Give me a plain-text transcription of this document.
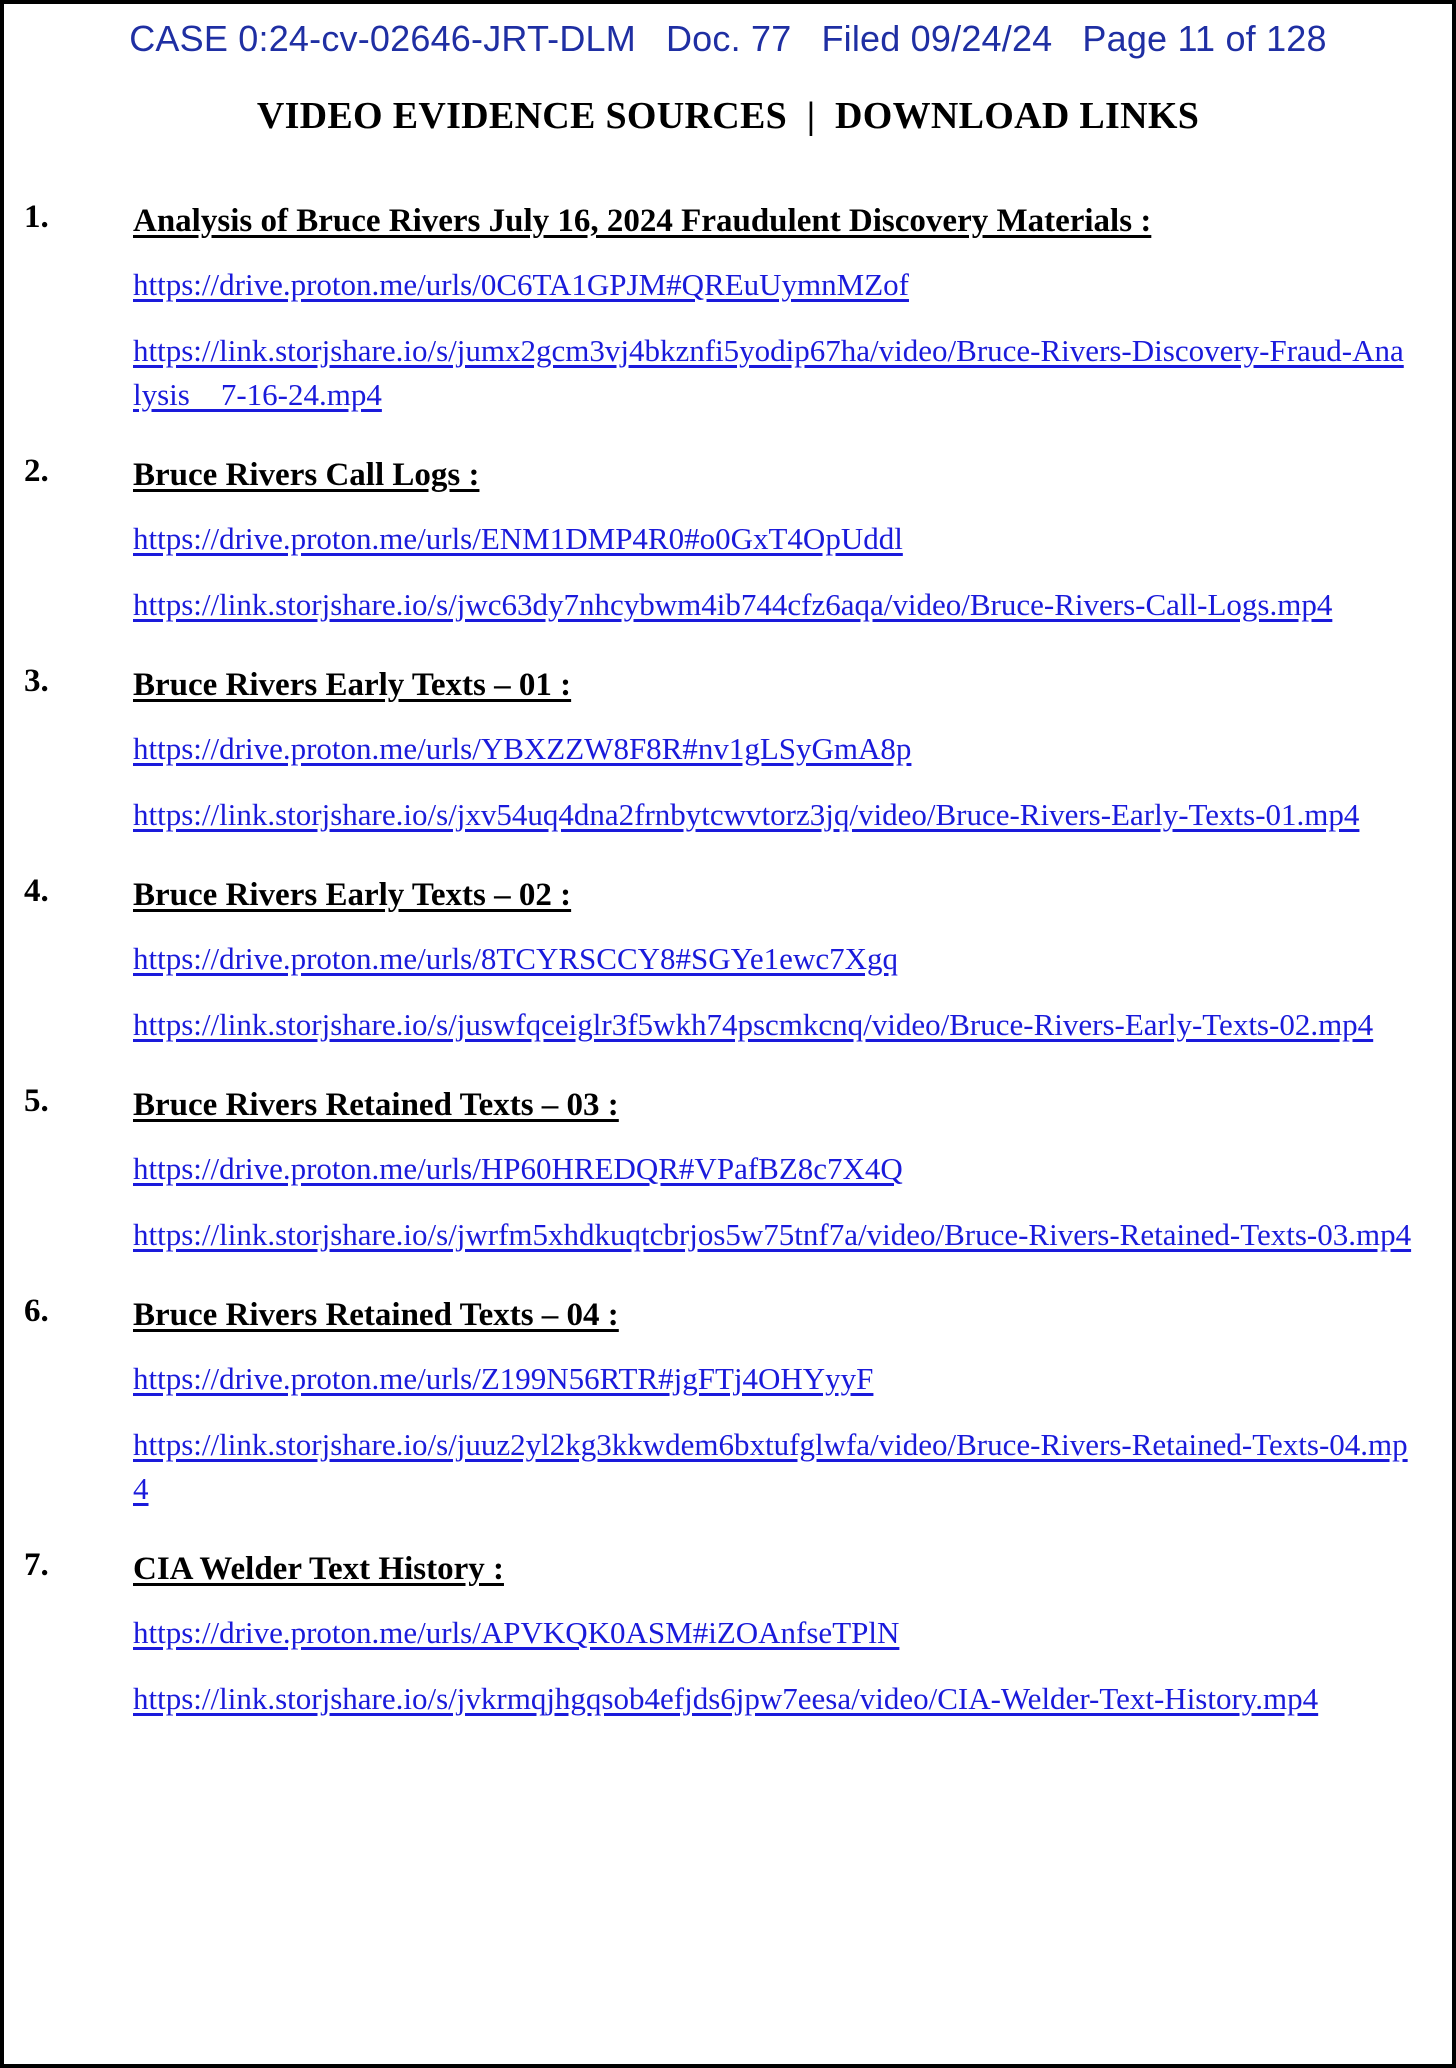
CASE 0:24-cv-02646-JRT-DLM Doc. 77 Filed 09/24/24 Page 11 of 128
VIDEO EVIDENCE SOURCES  |  DOWNLOAD LINKS
1.	Analysis of Bruce Rivers July 16, 2024 Fraudulent Discovery Materials :
https://drive.proton.me/urls/0C6TA1GPJM#QREuUymnMZof
https://link.storjshare.io/s/jumx2gcm3vj4bkznfi5yodip67ha/video/Bruce-Rivers-Discovery-Fraud-Analysis    7-16-24.mp4
2.	Bruce Rivers Call Logs :
https://drive.proton.me/urls/ENM1DMP4R0#o0GxT4OpUddl
https://link.storjshare.io/s/jwc63dy7nhcybwm4ib744cfz6aqa/video/Bruce-Rivers-Call-Logs.mp4
3.	Bruce Rivers Early Texts – 01 :
https://drive.proton.me/urls/YBXZZW8F8R#nv1gLSyGmA8p
https://link.storjshare.io/s/jxv54uq4dna2frnbytcwvtorz3jq/video/Bruce-Rivers-Early-Texts-01.mp4
4.	Bruce Rivers Early Texts – 02 :
https://drive.proton.me/urls/8TCYRSCCY8#SGYe1ewc7Xgq
https://link.storjshare.io/s/juswfqceiglr3f5wkh74pscmkcnq/video/Bruce-Rivers-Early-Texts-02.mp4
5.	Bruce Rivers Retained Texts – 03 :
https://drive.proton.me/urls/HP60HREDQR#VPafBZ8c7X4Q
https://link.storjshare.io/s/jwrfm5xhdkuqtcbrjos5w75tnf7a/video/Bruce-Rivers-Retained-Texts-03.mp4
6.	Bruce Rivers Retained Texts – 04 :
https://drive.proton.me/urls/Z199N56RTR#jgFTj4OHYyyF
https://link.storjshare.io/s/juuz2yl2kg3kkwdem6bxtufglwfa/video/Bruce-Rivers-Retained-Texts-04.mp4
7.	CIA Welder Text History :
https://drive.proton.me/urls/APVKQK0ASM#iZOAnfseTPlN
https://link.storjshare.io/s/jvkrmqjhgqsob4efjds6jpw7eesa/video/CIA-Welder-Text-History.mp4
